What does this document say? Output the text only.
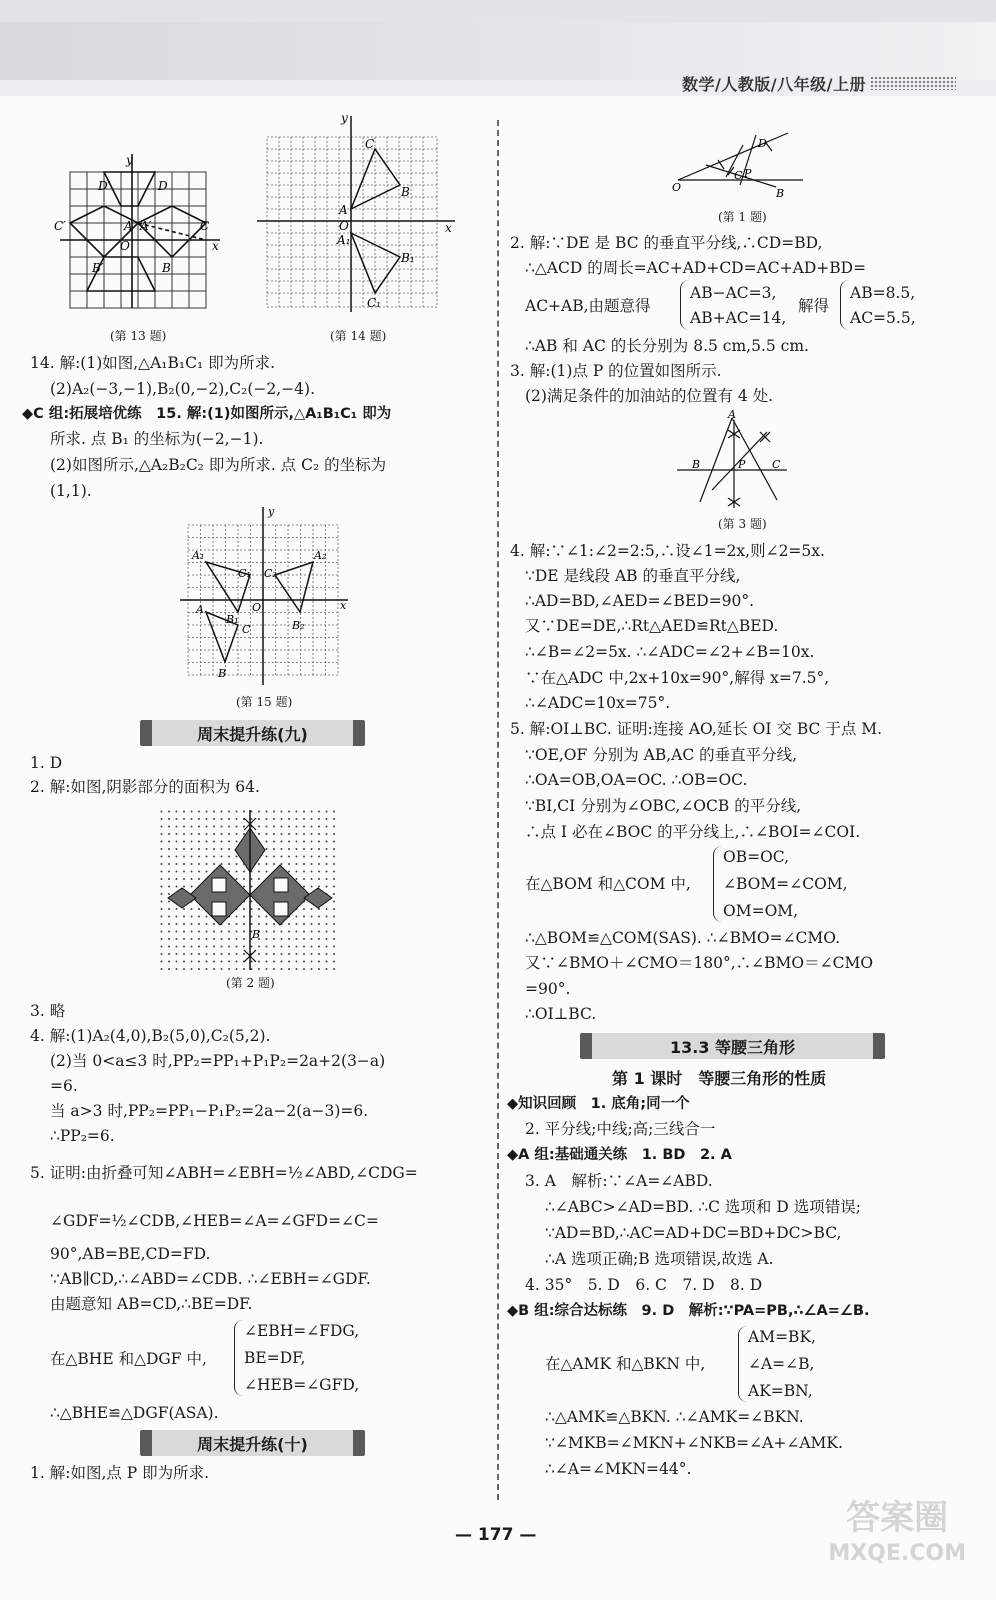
数学/人教版/八年级/上册
y
x
O
D′	D
C′	A A′	C
B′	B
(第 13 题)
y
x
C
B
A
O
A₁
B₁
C₁
(第 14 题)
14. 解:(1)如图,△A₁B₁C₁ 即为所求.
(2)A₂(−3,−1),B₂(0,−2),C₂(−2,−4).
◆C 组:拓展培优练　15. 解:(1)如图所示,△A₁B₁C₁ 即为
所求. 点 B₁ 的坐标为(−2,−1).
(2)如图所示,△A₂B₂C₂ 即为所求. 点 C₂ 的坐标为
(1,1).
y
x
O
A₁
C₁ C₂
A₂
A
B₁
C	B₂
B
(第 15 题)
周末提升练(九)
1. D
2. 解:如图,阴影部分的面积为 64.
B
(第 2 题)
3. 略
4. 解:(1)A₂(4,0),B₂(5,0),C₂(5,2).
(2)当 0<a≤3 时,PP₂=PP₁+P₁P₂=2a+2(3−a)
=6.
当 a>3 时,PP₂=PP₁−P₁P₂=2a−2(a−3)=6.
∴PP₂=6.
5. 证明:由折叠可知∠ABH=∠EBH=½∠ABD,∠CDG=
∠GDF=½∠CDB,∠HEB=∠A=∠GFD=∠C=
90°,AB=BE,CD=FD.
∵AB∥CD,∴∠ABD=∠CDB. ∴∠EBH=∠GDF.
由题意知 AB=CD,∴BE=DF.
在△BHE 和△DGF 中,
∠EBH=∠FDG,
BE=DF,
∠HEB=∠GFD,
∴△BHE≌△DGF(ASA).
周末提升练(十)
1. 解:如图,点 P 即为所求.
O
D
C P
B
(第 1 题)
2. 解:∵DE 是 BC 的垂直平分线,∴CD=BD,
∴△ACD 的周长=AC+AD+CD=AC+AD+BD=
AC+AB,由题意得
AB−AC=3,
AB+AC=14,
解得
AB=8.5,
AC=5.5,
∴AB 和 AC 的长分别为 8.5 cm,5.5 cm.
3. 解:(1)点 P 的位置如图所示.
(2)满足条件的加油站的位置有 4 处.
A
B	P C
(第 3 题)
4. 解:∵∠1:∠2=2:5,∴设∠1=2x,则∠2=5x.
∵DE 是线段 AB 的垂直平分线,
∴AD=BD,∠AED=∠BED=90°.
又∵DE=DE,∴Rt△AED≌Rt△BED.
∴∠B=∠2=5x. ∴∠ADC=∠2+∠B=10x.
∵在△ADC 中,2x+10x=90°,解得 x=7.5°,
∴∠ADC=10x=75°.
5. 解:OI⊥BC. 证明:连接 AO,延长 OI 交 BC 于点 M.
∵OE,OF 分别为 AB,AC 的垂直平分线,
∴OA=OB,OA=OC. ∴OB=OC.
∵BI,CI 分别为∠OBC,∠OCB 的平分线,
∴点 I 必在∠BOC 的平分线上,∴∠BOI=∠COI.
在△BOM 和△COM 中,
OB=OC,
∠BOM=∠COM,
OM=OM,
∴△BOM≌△COM(SAS). ∴∠BMO=∠CMO.
又∵∠BMO＋∠CMO＝180°,∴∠BMO＝∠CMO
=90°.
∴OI⊥BC.
13.3 等腰三角形
第 1 课时　等腰三角形的性质
◆知识回顾　1. 底角;同一个
2. 平分线;中线;高;三线合一
◆A 组:基础通关练　1. BD　2. A
3. A　解析:∵∠A=∠ABD.
∴∠ABC>∠AD=BD. ∴C 选项和 D 选项错误;
∵AD=BD,∴AC=AD+DC=BD+DC>BC,
∴A 选项正确;B 选项错误,故选 A.
4. 35°　5. D　6. C　7. D　8. D
◆B 组:综合达标练　9. D　解析:∵PA=PB,∴∠A=∠B.
在△AMK 和△BKN 中,
AM=BK,
∠A=∠B,
AK=BN,
∴△AMK≌△BKN. ∴∠AMK=∠BKN.
∵∠MKB=∠MKN+∠NKB=∠A+∠AMK.
∴∠A=∠MKN=44°.
— 177 —	答案圈
MXQE.COM
